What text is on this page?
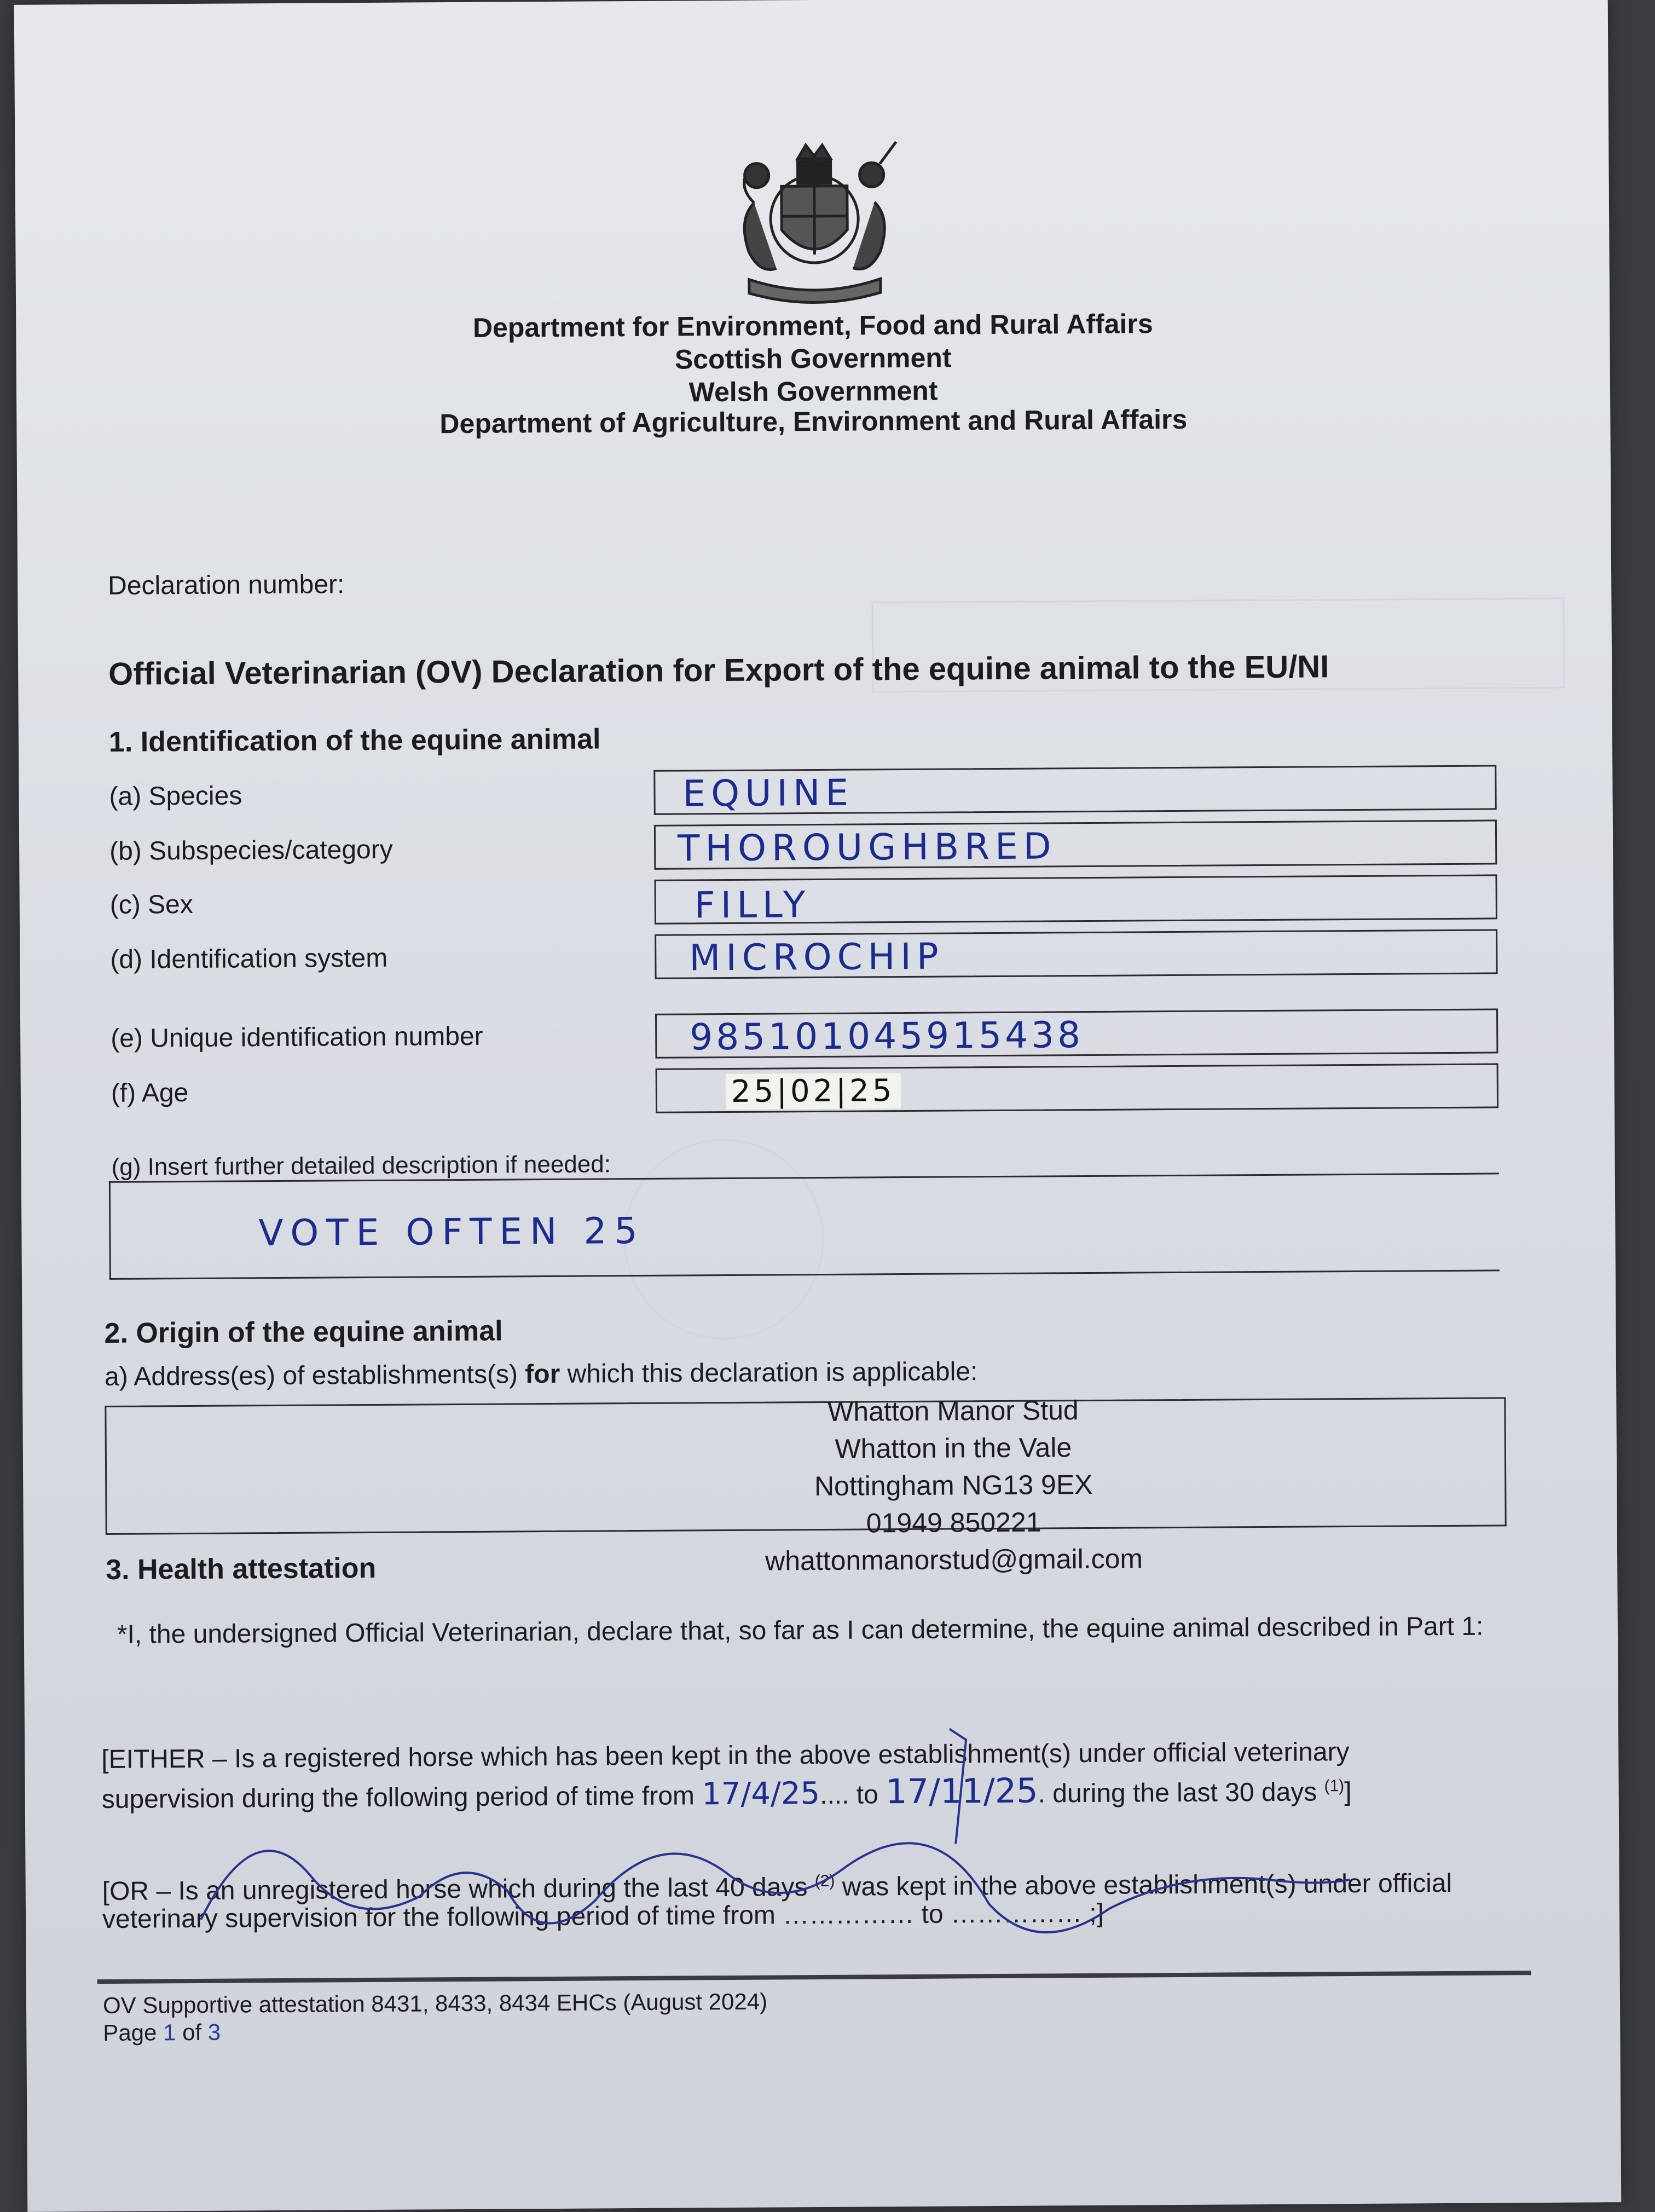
Department for Environment, Food and Rural Affairs
Scottish Government
Welsh Government
Department of Agriculture, Environment and Rural Affairs
Declaration number:
Official Veterinarian (OV) Declaration for Export of the equine animal to the EU/NI
1. Identification of the equine animal
(a) Species	EQUINE
(b) Subspecies/category	THOROUGHBRED
(c) Sex	FILLY
(d) Identification system	MICROCHIP
(e) Unique identification number	985101045915438
(f) Age	25|02|25
(g) Insert further detailed description if needed:
VOTE OFTEN 25
2. Origin of the equine animal
a) Address(es) of establishments(s) for which this declaration is applicable:
Whatton Manor Stud
Whatton in the Vale
Nottingham NG13 9EX
01949 850221
whattonmanorstud@gmail.com
3. Health attestation
*I, the undersigned Official Veterinarian, declare that, so far as I can determine, the equine animal described in Part 1:
[EITHER – Is a registered horse which has been kept in the above establishment(s) under official veterinary
supervision during the following period of time from 17/4/25.... to 17/11/25. during the last 30 days $^{(1)}$]
[OR – Is an unregistered horse which during the last 40 days $^{(2)}$ was kept in the above establishment(s) under official
veterinary supervision for the following period of time from …………… to …………… ;]
OV Supportive attestation 8431, 8433, 8434 EHCs (August 2024)
Page 1 of 3
